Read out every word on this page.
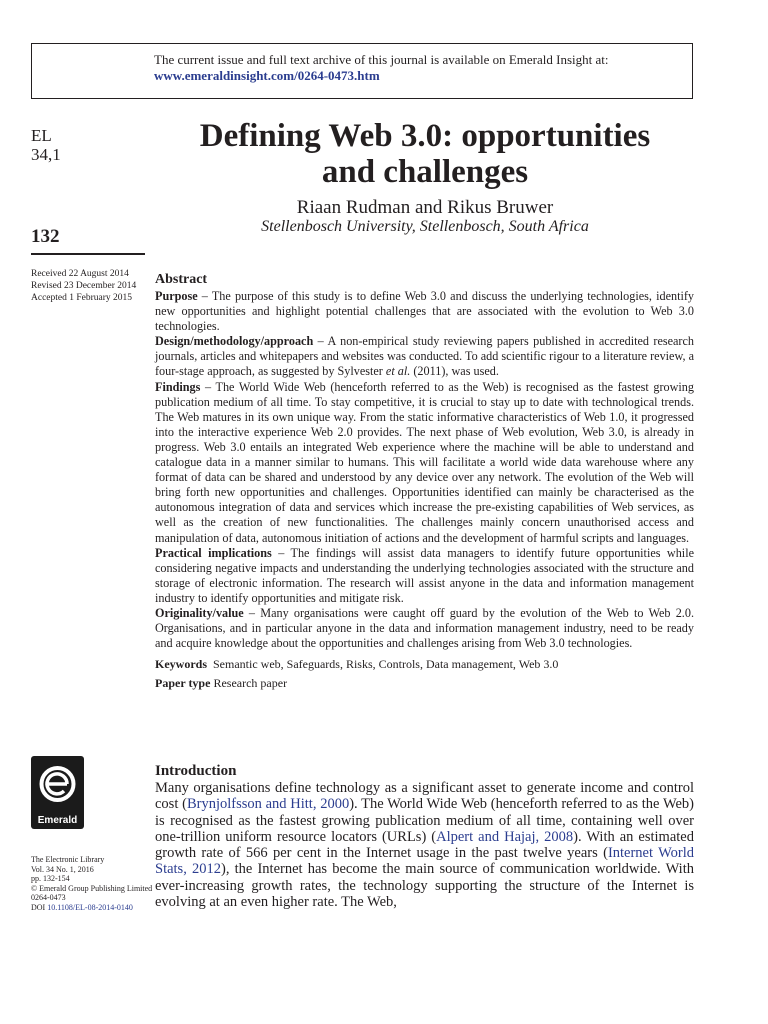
The current issue and full text archive of this journal is available on Emerald Insight at:
www.emeraldinsight.com/0264-0473.htm
EL
34,1
132
Received 22 August 2014
Revised 23 December 2014
Accepted 1 February 2015
Defining Web 3.0: opportunities
and challenges
Riaan Rudman and Rikus Bruwer
Stellenbosch University, Stellenbosch, South Africa
Abstract

Purpose – The purpose of this study is to define Web 3.0 and discuss the underlying technologies, identify new opportunities and highlight potential challenges that are associated with the evolution to Web 3.0 technologies.

Design/methodology/approach – A non-empirical study reviewing papers published in accredited research journals, articles and whitepapers and websites was conducted. To add scientific rigour to a literature review, a four-stage approach, as suggested by Sylvester et al. (2011), was used.

Findings – The World Wide Web (henceforth referred to as the Web) is recognised as the fastest growing publication medium of all time. To stay competitive, it is crucial to stay up to date with technological trends. The Web matures in its own unique way. From the static informative characteristics of Web 1.0, it progressed into the interactive experience Web 2.0 provides. The next phase of Web evolution, Web 3.0, is already in progress. Web 3.0 entails an integrated Web experience where the machine will be able to understand and catalogue data in a manner similar to humans. This will facilitate a world wide data warehouse where any format of data can be shared and understood by any device over any network. The evolution of the Web will bring forth new opportunities and challenges. Opportunities identified can mainly be characterised as the autonomous integration of data and services which increase the pre-existing capabilities of Web services, as well as the creation of new functionalities. The challenges mainly concern unauthorised access and manipulation of data, autonomous initiation of actions and the development of harmful scripts and languages.

Practical implications – The findings will assist data managers to identify future opportunities while considering negative impacts and understanding the underlying technologies associated with the structure and storage of electronic information. The research will assist anyone in the data and information management industry to identify opportunities and mitigate risk.

Originality/value – Many organisations were caught off guard by the evolution of the Web to Web 2.0. Organisations, and in particular anyone in the data and information management industry, need to be ready and acquire knowledge about the opportunities and challenges arising from Web 3.0 technologies.

Keywords Semantic web, Safeguards, Risks, Controls, Data management, Web 3.0

Paper type Research paper

Emerald
The Electronic Library
Vol. 34 No. 1, 2016
pp. 132-154
© Emerald Group Publishing Limited
0264-0473
DOI 10.1108/EL-08-2014-0140
Introduction

Many organisations define technology as a significant asset to generate income and control cost (Brynjolfsson and Hitt, 2000). The World Wide Web (henceforth referred to as the Web) is recognised as the fastest growing publication medium of all time, containing well over one-trillion uniform resource locators (URLs) (Alpert and Hajaj, 2008). With an estimated growth rate of 566 per cent in the Internet usage in the past twelve years (Internet World Stats, 2012), the Internet has become the main source of communication worldwide. With ever-increasing growth rates, the technology supporting the structure of the Internet is evolving at an even higher rate. The Web,
